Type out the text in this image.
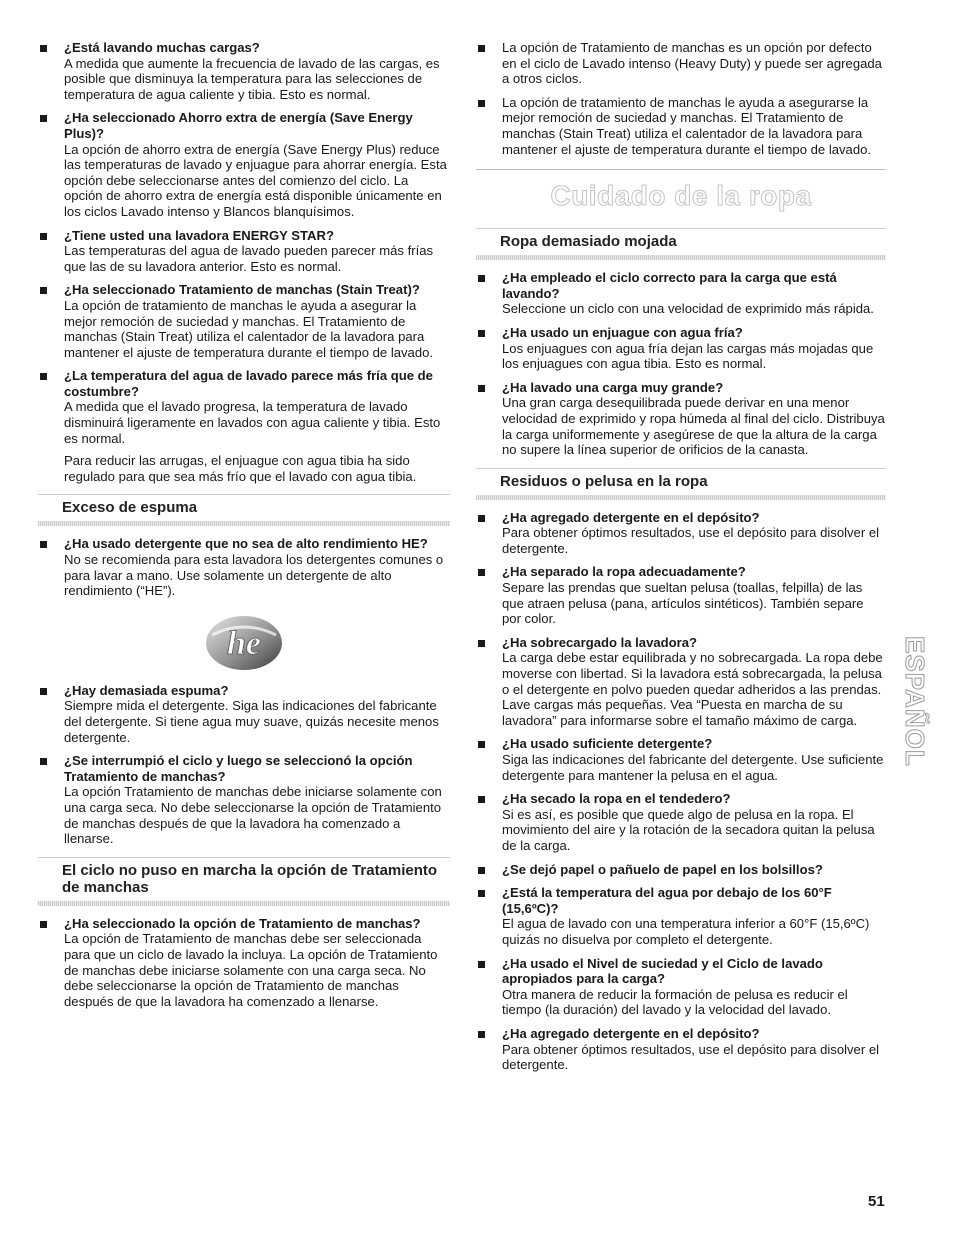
¿Está lavando muchas cargas?
A medida que aumente la frecuencia de lavado de las cargas, es posible que disminuya la temperatura para las selecciones de temperatura de agua caliente y tibia. Esto es normal.
¿Ha seleccionado Ahorro extra de energía (Save Energy Plus)?
La opción de ahorro extra de energía (Save Energy Plus) reduce las temperaturas de lavado y enjuague para ahorrar energía. Esta opción debe seleccionarse antes del comienzo del ciclo. La opción de ahorro extra de energía está disponible únicamente en los ciclos Lavado intenso y Blancos blanquísimos.
¿Tiene usted una lavadora ENERGY STAR?
Las temperaturas del agua de lavado pueden parecer más frías que las de su lavadora anterior. Esto es normal.
¿Ha seleccionado Tratamiento de manchas (Stain Treat)?
La opción de tratamiento de manchas le ayuda a asegurar la mejor remoción de suciedad y manchas. El Tratamiento de manchas (Stain Treat) utiliza el calentador de la lavadora para mantener el ajuste de temperatura durante el tiempo de lavado.
¿La temperatura del agua de lavado parece más fría que de costumbre?
A medida que el lavado progresa, la temperatura de lavado disminuirá ligeramente en lavados con agua caliente y tibia. Esto es normal.
Para reducir las arrugas, el enjuague con agua tibia ha sido regulado para que sea más frío que el lavado con agua tibia.
Exceso de espuma
¿Ha usado detergente que no sea de alto rendimiento HE?
No se recomienda para esta lavadora los detergentes comunes o para lavar a mano. Use solamente un detergente de alto rendimiento (“HE”).
he
¿Hay demasiada espuma?
Siempre mida el detergente. Siga las indicaciones del fabricante del detergente. Si tiene agua muy suave, quizás necesite menos detergente.
¿Se interrumpió el ciclo y luego se seleccionó la opción Tratamiento de manchas?
La opción Tratamiento de manchas debe iniciarse solamente con una carga seca. No debe seleccionarse la opción de Tratamiento de manchas después de que la lavadora ha comenzado a llenarse.
El ciclo no puso en marcha la opción de Tratamiento de manchas
¿Ha seleccionado la opción de Tratamiento de manchas?
La opción de Tratamiento de manchas debe ser seleccionada para que un ciclo de lavado la incluya. La opción de Tratamiento de manchas debe iniciarse solamente con una carga seca. No debe seleccionarse la opción de Tratamiento de manchas después de que la lavadora ha comenzado a llenarse.
La opción de Tratamiento de manchas es un opción por defecto en el ciclo de Lavado intenso (Heavy Duty) y puede ser agregada a otros ciclos.
La opción de tratamiento de manchas le ayuda a asegurarse la mejor remoción de suciedad y manchas. El Tratamiento de manchas (Stain Treat) utiliza el calentador de la lavadora para mantener el ajuste de temperatura durante el tiempo de lavado.
Cuidado de la ropa
Ropa demasiado mojada
¿Ha empleado el ciclo correcto para la carga que está lavando?
Seleccione un ciclo con una velocidad de exprimido más rápida.
¿Ha usado un enjuague con agua fría?
Los enjuagues con agua fría dejan las cargas más mojadas que los enjuagues con agua tibia. Esto es normal.
¿Ha lavado una carga muy grande?
Una gran carga desequilibrada puede derivar en una menor velocidad de exprimido y ropa húmeda al final del ciclo. Distribuya la carga uniformemente y asegúrese de que la altura de la carga no supere la línea superior de orificios de la canasta.
Residuos o pelusa en la ropa
¿Ha agregado detergente en el depósito?
Para obtener óptimos resultados, use el depósito para disolver el detergente.
¿Ha separado la ropa adecuadamente?
Separe las prendas que sueltan pelusa (toallas, felpilla) de las que atraen pelusa (pana, artículos sintéticos). También separe por color.
¿Ha sobrecargado la lavadora?
La carga debe estar equilibrada y no sobrecargada. La ropa debe moverse con libertad. Si la lavadora está sobrecargada, la pelusa o el detergente en polvo pueden quedar adheridos a las prendas. Lave cargas más pequeñas. Vea “Puesta en marcha de su lavadora” para informarse sobre el tamaño máximo de carga.
¿Ha usado suficiente detergente?
Siga las indicaciones del fabricante del detergente. Use suficiente detergente para mantener la pelusa en el agua.
¿Ha secado la ropa en el tendedero?
Si es así, es posible que quede algo de pelusa en la ropa. El movimiento del aire y la rotación de la secadora quitan la pelusa de la carga.
¿Se dejó papel o pañuelo de papel en los bolsillos?
¿Está la temperatura del agua por debajo de los 60°F (15,6ºC)?
El agua de lavado con una temperatura inferior a 60°F (15,6ºC) quizás no disuelva por completo el detergente.
¿Ha usado el Nivel de suciedad y el Ciclo de lavado apropiados para la carga?
Otra manera de reducir la formación de pelusa es reducir el tiempo (la duración) del lavado y la velocidad del lavado.
¿Ha agregado detergente en el depósito?
Para obtener óptimos resultados, use el depósito para disolver el detergente.
ESPAÑOL
51
